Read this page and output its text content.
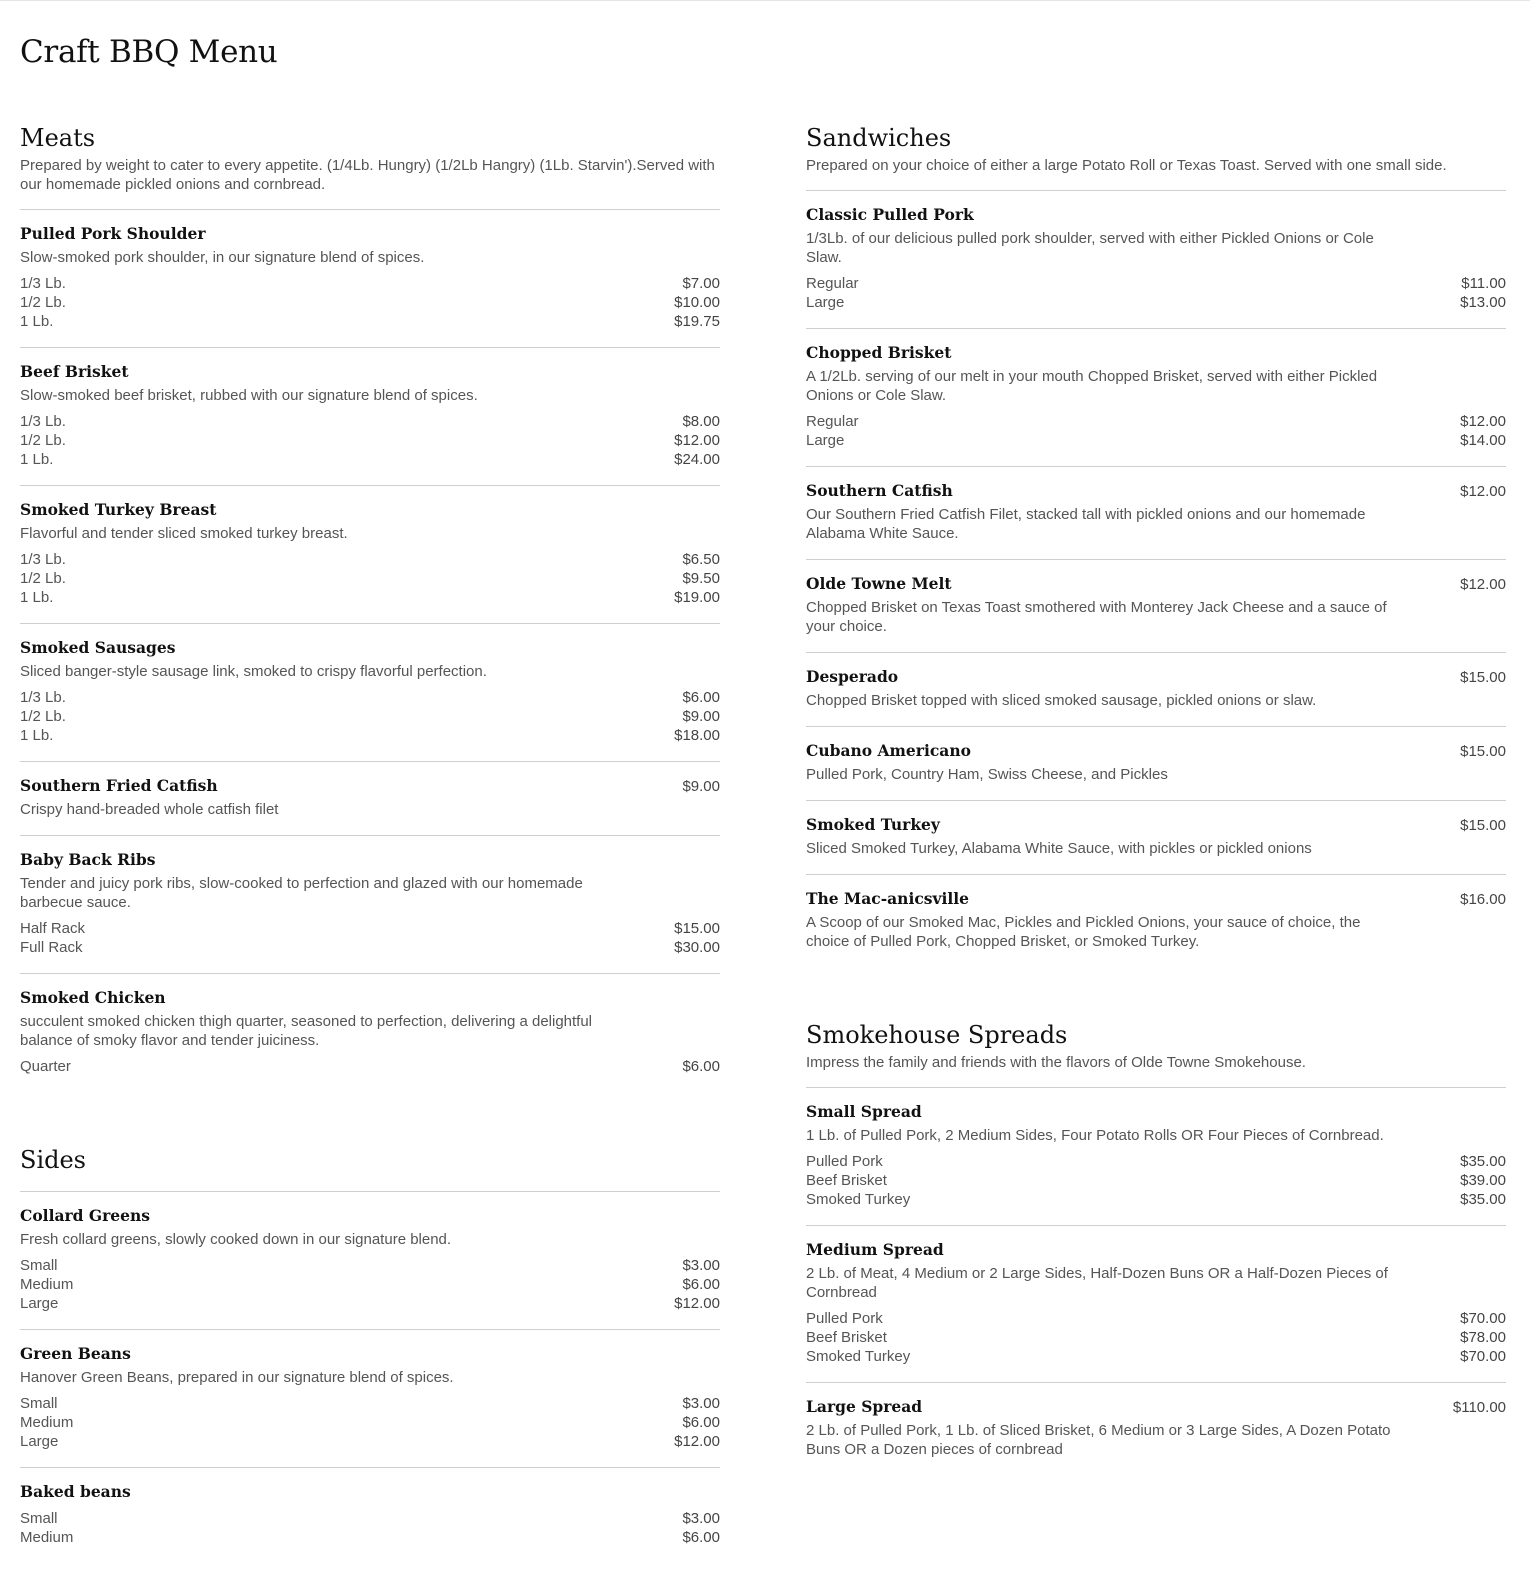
Craft BBQ Menu
Meats
Prepared by weight to cater to every appetite. (1/4Lb. Hungry) (1/2Lb Hangry) (1Lb. Starvin').Served with our homemade pickled onions and cornbread.
Pulled Pork Shoulder
Slow-smoked pork shoulder, in our signature blend of spices.
1/3 Lb.	$7.00
1/2 Lb.	$10.00
1 Lb.	$19.75
Beef Brisket
Slow-smoked beef brisket, rubbed with our signature blend of spices.
1/3 Lb.	$8.00
1/2 Lb.	$12.00
1 Lb.	$24.00
Smoked Turkey Breast
Flavorful and tender sliced smoked turkey breast.
1/3 Lb.	$6.50
1/2 Lb.	$9.50
1 Lb.	$19.00
Smoked Sausages
Sliced banger-style sausage link, smoked to crispy flavorful perfection.
1/3 Lb.	$6.00
1/2 Lb.	$9.00
1 Lb.	$18.00
Southern Fried Catfish	$9.00
Crispy hand-breaded whole catfish filet
Baby Back Ribs
Tender and juicy pork ribs, slow-cooked to perfection and glazed with our homemade barbecue sauce.
Half Rack	$15.00
Full Rack	$30.00
Smoked Chicken
succulent smoked chicken thigh quarter, seasoned to perfection, delivering a delightful balance of smoky flavor and tender juiciness.
Quarter	$6.00
Sides
Collard Greens
Fresh collard greens, slowly cooked down in our signature blend.
Small	$3.00
Medium	$6.00
Large	$12.00
Green Beans
Hanover Green Beans, prepared in our signature blend of spices.
Small	$3.00
Medium	$6.00
Large	$12.00
Baked beans
Small	$3.00
Medium	$6.00
Sandwiches
Prepared on your choice of either a large Potato Roll or Texas Toast. Served with one small side.
Classic Pulled Pork
1/3Lb. of our delicious pulled pork shoulder, served with either Pickled Onions or Cole Slaw.
Regular	$11.00
Large	$13.00
Chopped Brisket
A 1/2Lb. serving of our melt in your mouth Chopped Brisket, served with either Pickled Onions or Cole Slaw.
Regular	$12.00
Large	$14.00
Southern Catfish	$12.00
Our Southern Fried Catfish Filet, stacked tall with pickled onions and our homemade Alabama White Sauce.
Olde Towne Melt	$12.00
Chopped Brisket on Texas Toast smothered with Monterey Jack Cheese and a sauce of your choice.
Desperado	$15.00
Chopped Brisket topped with sliced smoked sausage, pickled onions or slaw.
Cubano Americano	$15.00
Pulled Pork, Country Ham, Swiss Cheese, and Pickles
Smoked Turkey	$15.00
Sliced Smoked Turkey, Alabama White Sauce, with pickles or pickled onions
The Mac-anicsville	$16.00
A Scoop of our Smoked Mac, Pickles and Pickled Onions, your sauce of choice, the choice of Pulled Pork, Chopped Brisket, or Smoked Turkey.
Smokehouse Spreads
Impress the family and friends with the flavors of Olde Towne Smokehouse.
Small Spread
1 Lb. of Pulled Pork, 2 Medium Sides, Four Potato Rolls OR Four Pieces of Cornbread.
Pulled Pork	$35.00
Beef Brisket	$39.00
Smoked Turkey	$35.00
Medium Spread
2 Lb. of Meat, 4 Medium or 2 Large Sides, Half-Dozen Buns OR a Half-Dozen Pieces of Cornbread
Pulled Pork	$70.00
Beef Brisket	$78.00
Smoked Turkey	$70.00
Large Spread	$110.00
2 Lb. of Pulled Pork, 1 Lb. of Sliced Brisket, 6 Medium or 3 Large Sides, A Dozen Potato Buns OR a Dozen pieces of cornbread
